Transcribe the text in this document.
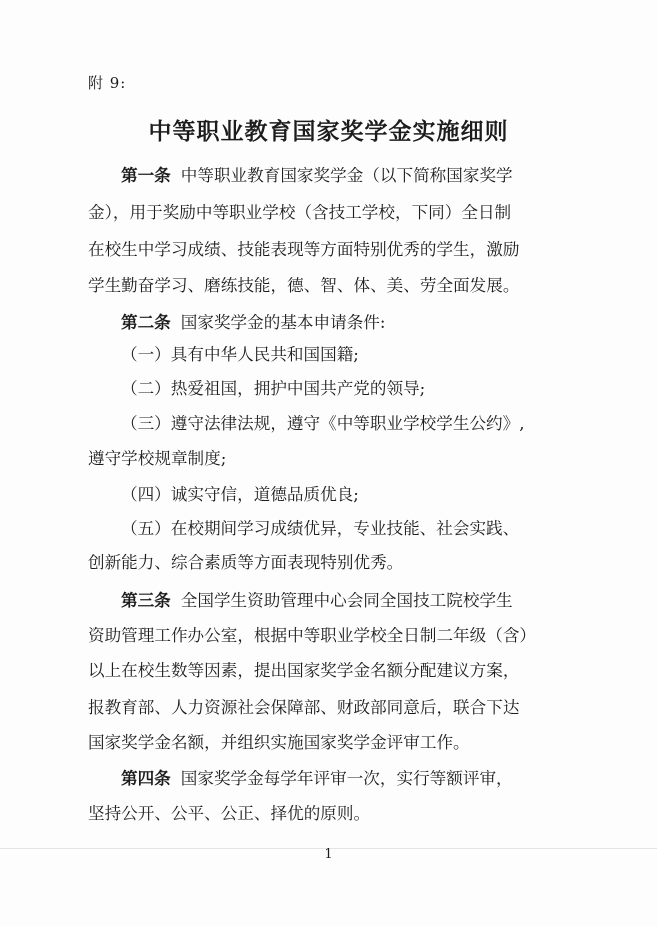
附 9:
中等职业教育国家奖学金实施细则
第一条 中等职业教育国家奖学金（以下简称国家奖学
金），用于奖励中等职业学校（含技工学校，下同）全日制
在校生中学习成绩、技能表现等方面特别优秀的学生，激励
学生勤奋学习、磨练技能，德、智、体、美、劳全面发展。
第二条 国家奖学金的基本申请条件:
（一）具有中华人民共和国国籍;
（二）热爱祖国，拥护中国共产党的领导;
（三）遵守法律法规，遵守《中等职业学校学生公约》,
遵守学校规章制度;
（四）诚实守信，道德品质优良;
（五）在校期间学习成绩优异，专业技能、社会实践、
创新能力、综合素质等方面表现特别优秀。
第三条 全国学生资助管理中心会同全国技工院校学生
资助管理工作办公室，根据中等职业学校全日制二年级（含）
以上在校生数等因素，提出国家奖学金名额分配建议方案，
报教育部、人力资源社会保障部、财政部同意后，联合下达
国家奖学金名额，并组织实施国家奖学金评审工作。
第四条 国家奖学金每学年评审一次，实行等额评审，
坚持公开、公平、公正、择优的原则。
1
